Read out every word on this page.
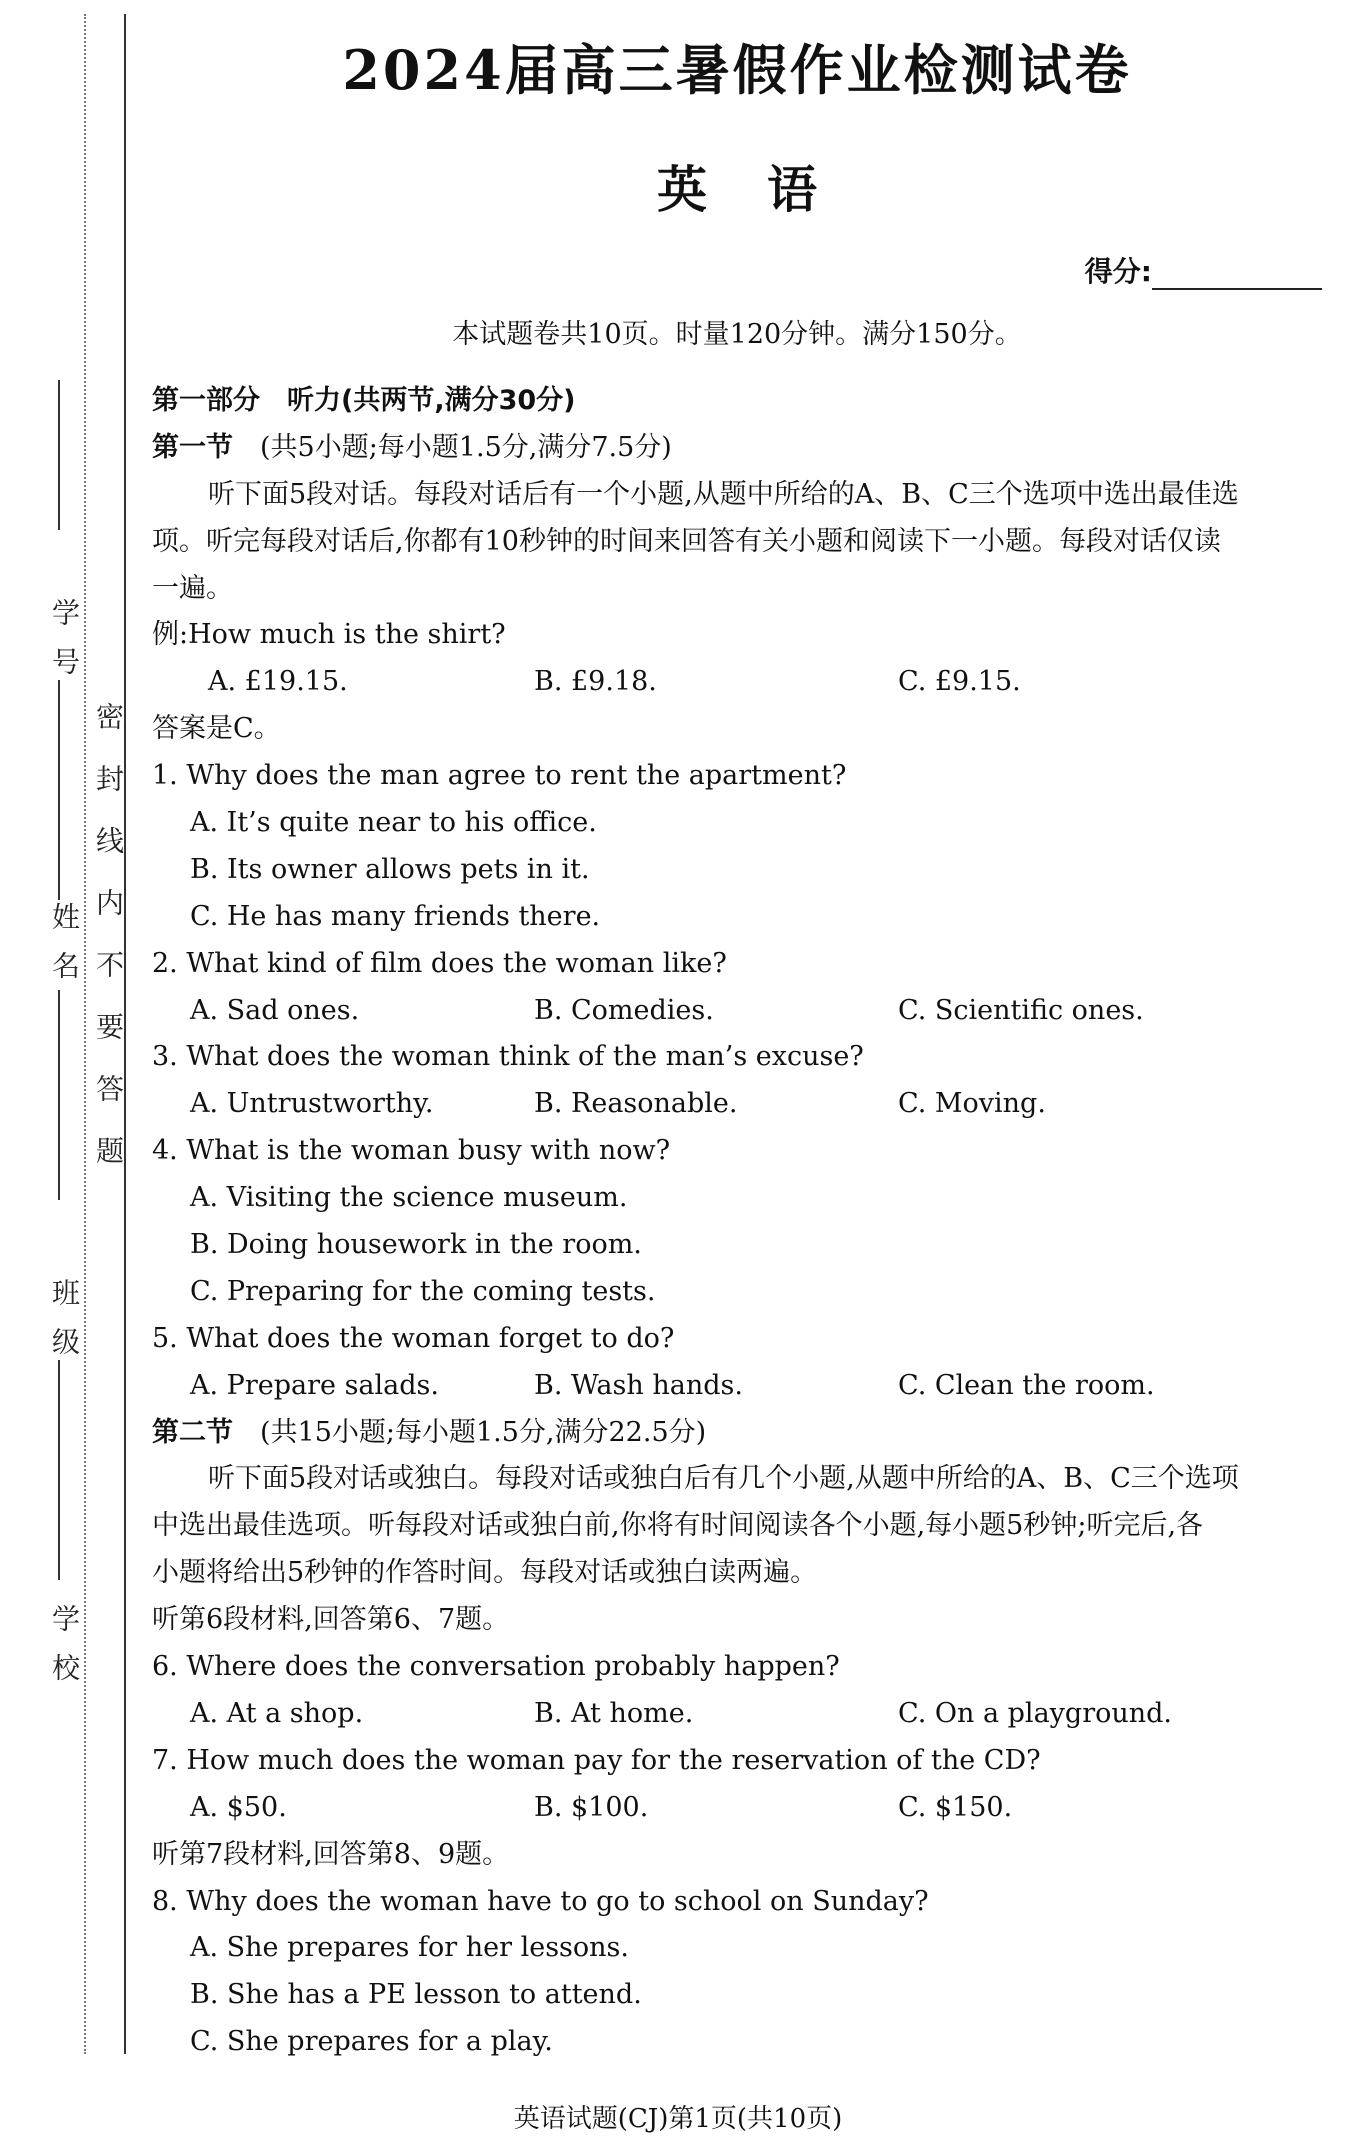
学 号
姓 名
班 级
学 校
密封线内不要答题
2024届高三暑假作业检测试卷
英语
得分:
本试题卷共10页。时量120分钟。满分150分。
第一部分　听力(共两节,满分30分)
第一节　(共5小题;每小题1.5分,满分7.5分)
听下面5段对话。每段对话后有一个小题,从题中所给的A、B、C三个选项中选出最佳选
项。听完每段对话后,你都有10秒钟的时间来回答有关小题和阅读下一小题。每段对话仅读
一遍。
例:How much is the shirt?
A. £19.15.	B. £9.18.	C. £9.15.
答案是C。
1. Why does the man agree to rent the apartment?
A. It’s quite near to his office.
B. Its owner allows pets in it.
C. He has many friends there.
2. What kind of film does the woman like?
A. Sad ones.	B. Comedies.	C. Scientific ones.
3. What does the woman think of the man’s excuse?
A. Untrustworthy.	B. Reasonable.	C. Moving.
4. What is the woman busy with now?
A. Visiting the science museum.
B. Doing housework in the room.
C. Preparing for the coming tests.
5. What does the woman forget to do?
A. Prepare salads.	B. Wash hands.	C. Clean the room.
第二节　(共15小题;每小题1.5分,满分22.5分)
听下面5段对话或独白。每段对话或独白后有几个小题,从题中所给的A、B、C三个选项
中选出最佳选项。听每段对话或独白前,你将有时间阅读各个小题,每小题5秒钟;听完后,各
小题将给出5秒钟的作答时间。每段对话或独白读两遍。
听第6段材料,回答第6、7题。
6. Where does the conversation probably happen?
A. At a shop.	B. At home.	C. On a playground.
7. How much does the woman pay for the reservation of the CD?
A. $50.	B. $100.	C. $150.
听第7段材料,回答第8、9题。
8. Why does the woman have to go to school on Sunday?
A. She prepares for her lessons.
B. She has a PE lesson to attend.
C. She prepares for a play.
英语试题(CJ)第1页(共10页)
